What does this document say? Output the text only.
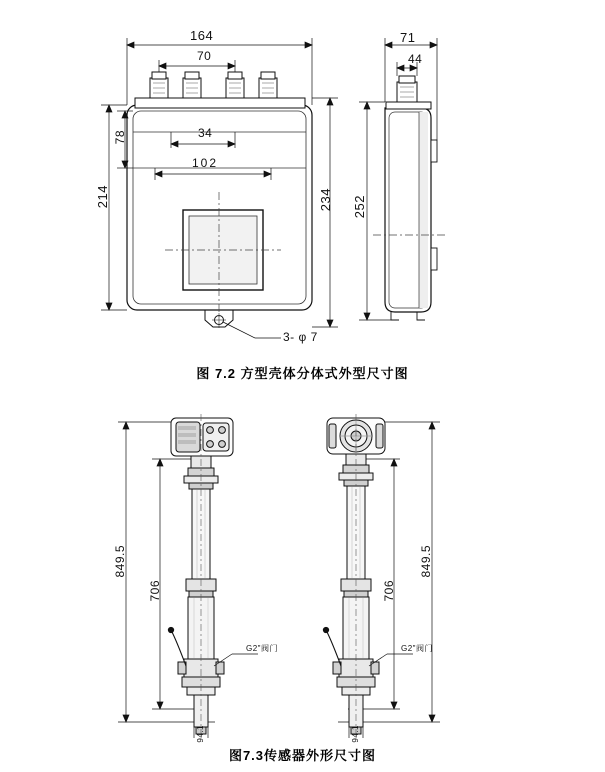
164
70
34
102
214
78
234
3- φ 7
71
44
252
图 7.2 方型壳体分体式外型尺寸图
849.5
706
849.5
706
G2"阀门	G2"阀门
94.1	94.1
图7.3传感器外形尺寸图
